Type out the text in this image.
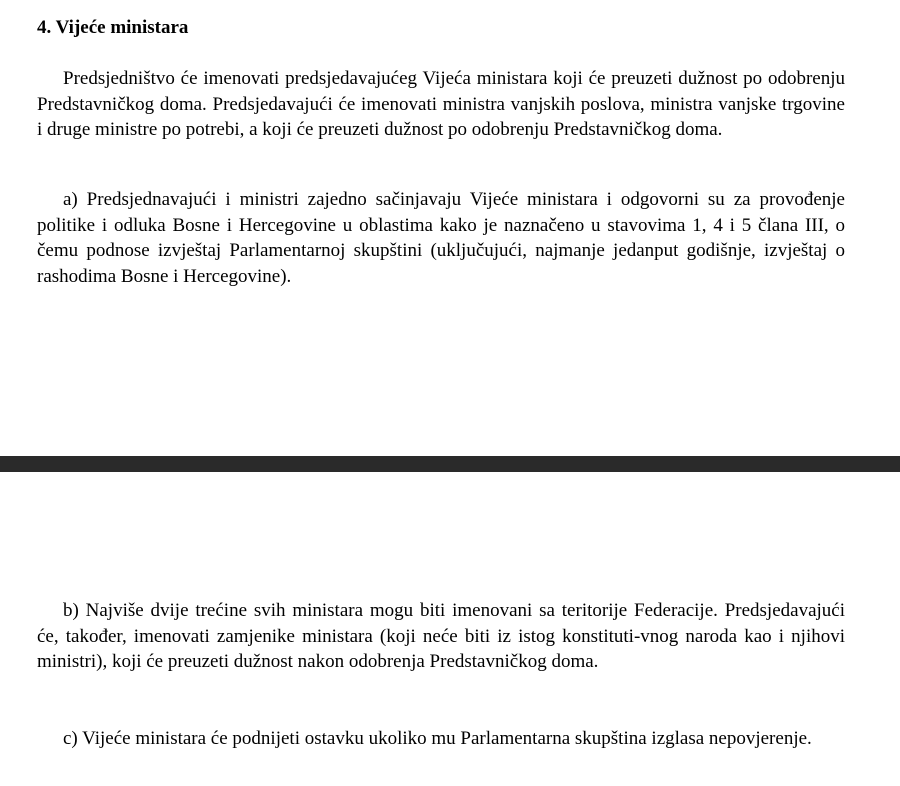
4. Vijeće ministara

Predsjedništvo će imenovati predsjedavajućeg Vijeća ministara koji će preuzeti dužnost po odobrenju Predstavničkog doma. Predsjedavajući će imenovati ministra vanjskih poslova, ministra vanjske trgovine i druge ministre po potrebi, a koji će preuzeti dužnost po odobrenju Predstavničkog doma.

a) Predsjednavajući i ministri zajedno sačinjavaju Vijeće ministara i odgovorni su za provođenje politike i odluka Bosne i Hercegovine u oblastima kako je naznačeno u stavovima 1, 4 i 5 člana III, o čemu podnose izvještaj Parlamentarnoj skupštini (uključujući, najmanje jedanput godišnje, izvještaj o rashodima Bosne i Hercegovine).

b) Najviše dvije trećine svih ministara mogu biti imenovani sa teritorije Federacije. Predsjedavajući će, također, imenovati zamjenike ministara (koji neće biti iz istog konstituti-vnog naroda kao i njihovi ministri), koji će preuzeti dužnost nakon odobrenja Predstavničkog doma.

c) Vijeće ministara će podnijeti ostavku ukoliko mu Parlamentarna skupština izglasa nepovjerenje.
